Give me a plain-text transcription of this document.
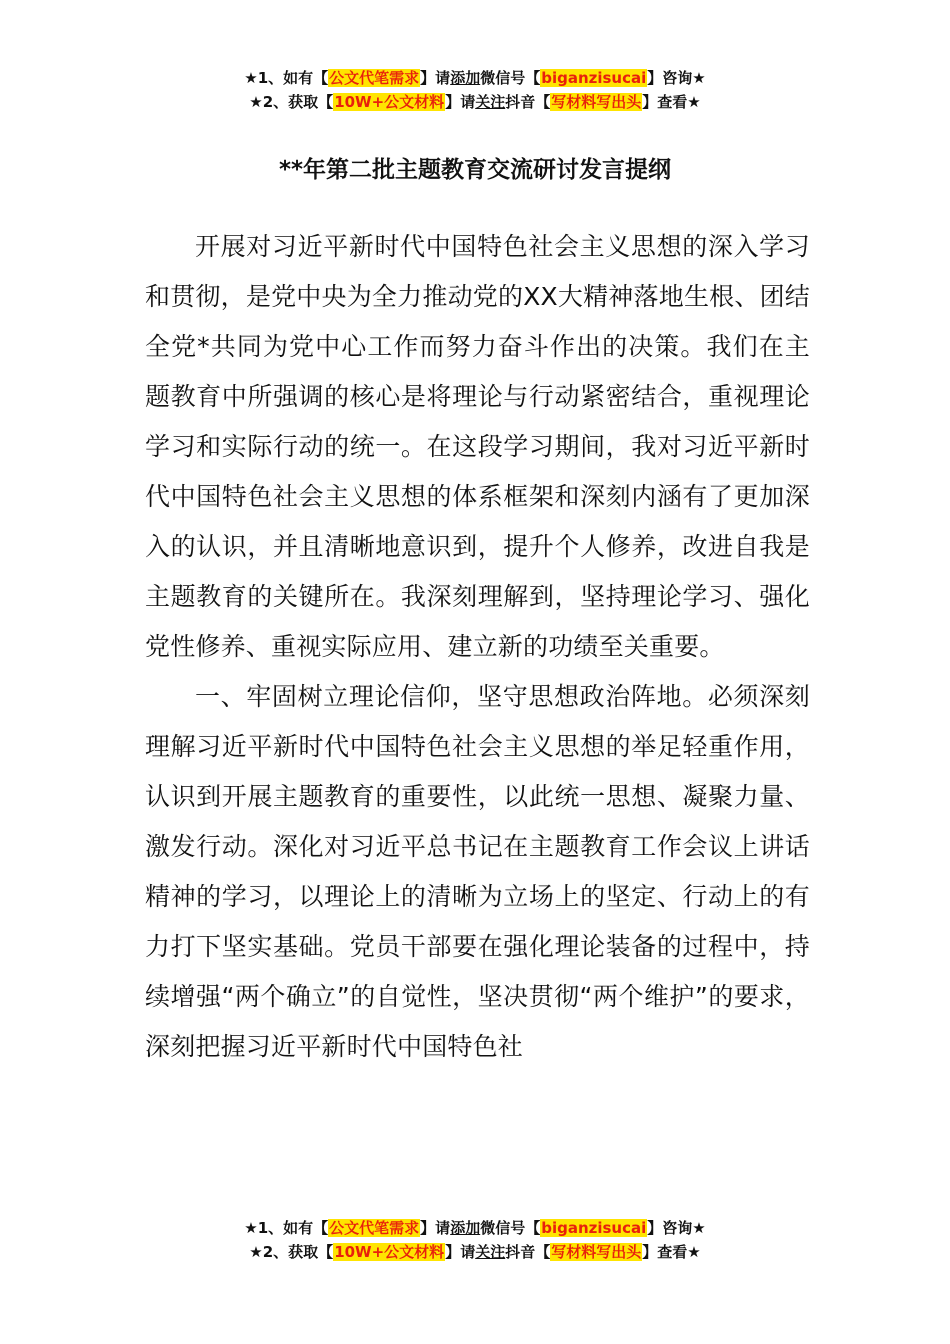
★1、如有【公文代笔需求】请添加微信号【biganzisucai】咨询★
★2、获取【10W+公文材料】请关注抖音【写材料写出头】查看★
**年第二批主题教育交流研讨发言提纲

开展对习近平新时代中国特色社会主义思想的深入学习和贯彻，是党中央为全力推动党的XX大精神落地生根、团结全党*共同为党中心工作而努力奋斗作出的决策。我们在主题教育中所强调的核心是将理论与行动紧密结合，重视理论学习和实际行动的统一。在这段学习期间，我对习近平新时代中国特色社会主义思想的体系框架和深刻内涵有了更加深入的认识，并且清晰地意识到，提升个人修养，改进自我是主题教育的关键所在。我深刻理解到，坚持理论学习、强化党性修养、重视实际应用、建立新的功绩至关重要。

一、牢固树立理论信仰，坚守思想政治阵地。必须深刻理解习近平新时代中国特色社会主义思想的举足轻重作用，认识到开展主题教育的重要性，以此统一思想、凝聚力量、激发行动。深化对习近平总书记在主题教育工作会议上讲话精神的学习，以理论上的清晰为立场上的坚定、行动上的有力打下坚实基础。党员干部要在强化理论装备的过程中，持续增强“两个确立”的自觉性，坚决贯彻“两个维护”的要求，深刻把握习近平新时代中国特色社

★1、如有【公文代笔需求】请添加微信号【biganzisucai】咨询★
★2、获取【10W+公文材料】请关注抖音【写材料写出头】查看★
